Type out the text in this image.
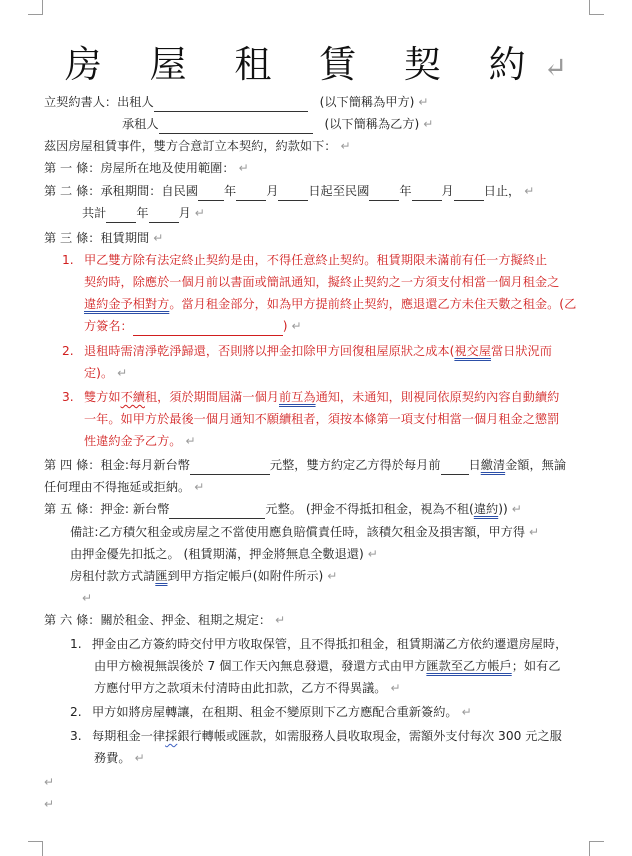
房 屋 租 賃 契 約↵
立契約書人：出租人	(以下簡稱為甲方) ↵
承租人	(以下簡稱為乙方) ↵
茲因房屋租賃事件，雙方合意訂立本契約，約款如下： ↵
第 一 條：房屋所在地及使用範圍： ↵
第 二 條：承租期間：自民國 年 月 日起至民國 年 月 日止， ↵
共計 年 月 ↵
第 三 條：租賃期間 ↵
1. 甲乙雙方除有法定終止契約是由，不得任意終止契約。租賃期限未滿前有任一方擬終止
契約時，除應於一個月前以書面或簡訊通知，擬終止契約之一方須支付相當一個月租金之
違約金予相對方。當月租金部分，如為甲方提前終止契約，應退還乙方未住天數之租金。(乙
方簽名：	) ↵
2. 退租時需清淨乾淨歸還，否則將以押金扣除甲方回復租屋原狀之成本(視交屋當日狀況而
定)。 ↵
3. 雙方如不續租，須於期間屆滿一個月前互為通知，未通知，則視同依原契約內容自動續約
一年。如甲方於最後一個月通知不願續租者，須按本條第一項支付相當一個月租金之懲罰
性違約金予乙方。 ↵
第 四 條：租金:每月新台幣	元整，雙方約定乙方得於每月前 日繳清金額，無論
任何理由不得拖延或拒納。 ↵
第 五 條：押金: 新台幣	元整。 (押金不得抵扣租金，視為不租(違約)) ↵
備註:乙方積欠租金或房屋之不當使用應負賠償責任時，該積欠租金及損害額，甲方得 ↵
由押金優先扣抵之。 (租賃期滿，押金將無息全數退還) ↵
房租付款方式請匯到甲方指定帳戶(如附件所示) ↵
↵
第 六 條：關於租金、押金、租期之規定： ↵
1. 押金由乙方簽約時交付甲方收取保管，且不得抵扣租金，租賃期滿乙方依約遷還房屋時，
由甲方檢視無誤後於 7 個工作天內無息發還，發還方式由甲方匯款至乙方帳戶；如有乙
方應付甲方之款項未付清時由此扣款，乙方不得異議。 ↵
2. 甲方如將房屋轉讓，在租期、租金不變原則下乙方應配合重新簽約。 ↵
3. 每期租金一律採銀行轉帳或匯款，如需服務人員收取現金，需額外支付每次 300 元之服
務費。 ↵
↵
↵
